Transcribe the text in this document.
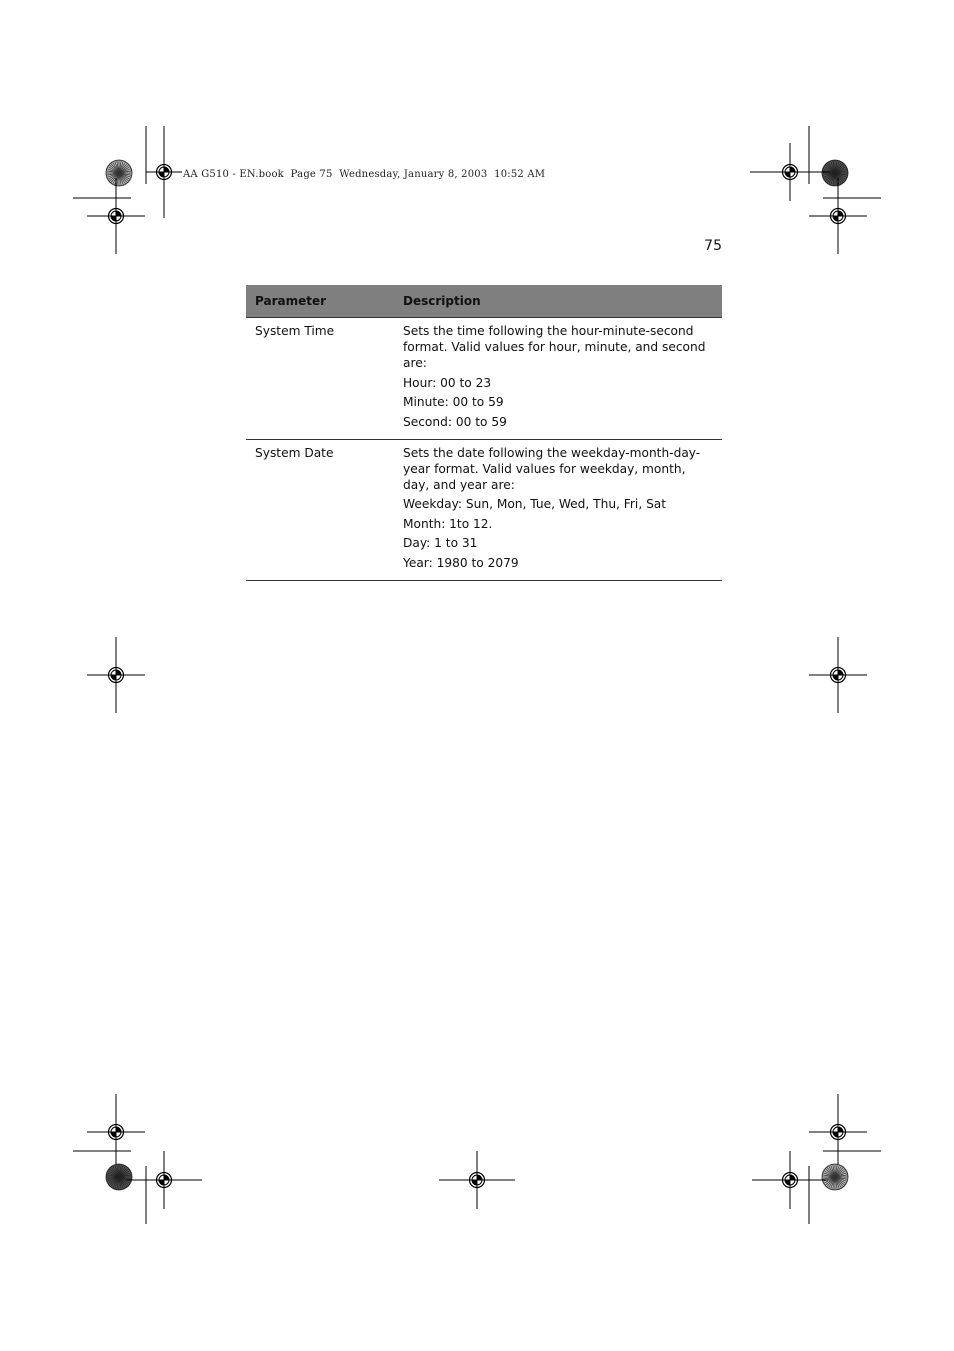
AA G510 - EN.book  Page 75  Wednesday, January 8, 2003  10:52 AM
75
Parameter	Description
System Time	Sets the time following the hour-minute-second format. Valid values for hour, minute, and second are:
Hour: 00 to 23
Minute: 00 to 59
Second: 00 to 59

System Date	Sets the date following the weekday-month-day-year format. Valid values for weekday, month, day, and year are:
Weekday: Sun, Mon, Tue, Wed, Thu, Fri, Sat
Month: 1to 12.
Day: 1 to 31
Year: 1980 to 2079
